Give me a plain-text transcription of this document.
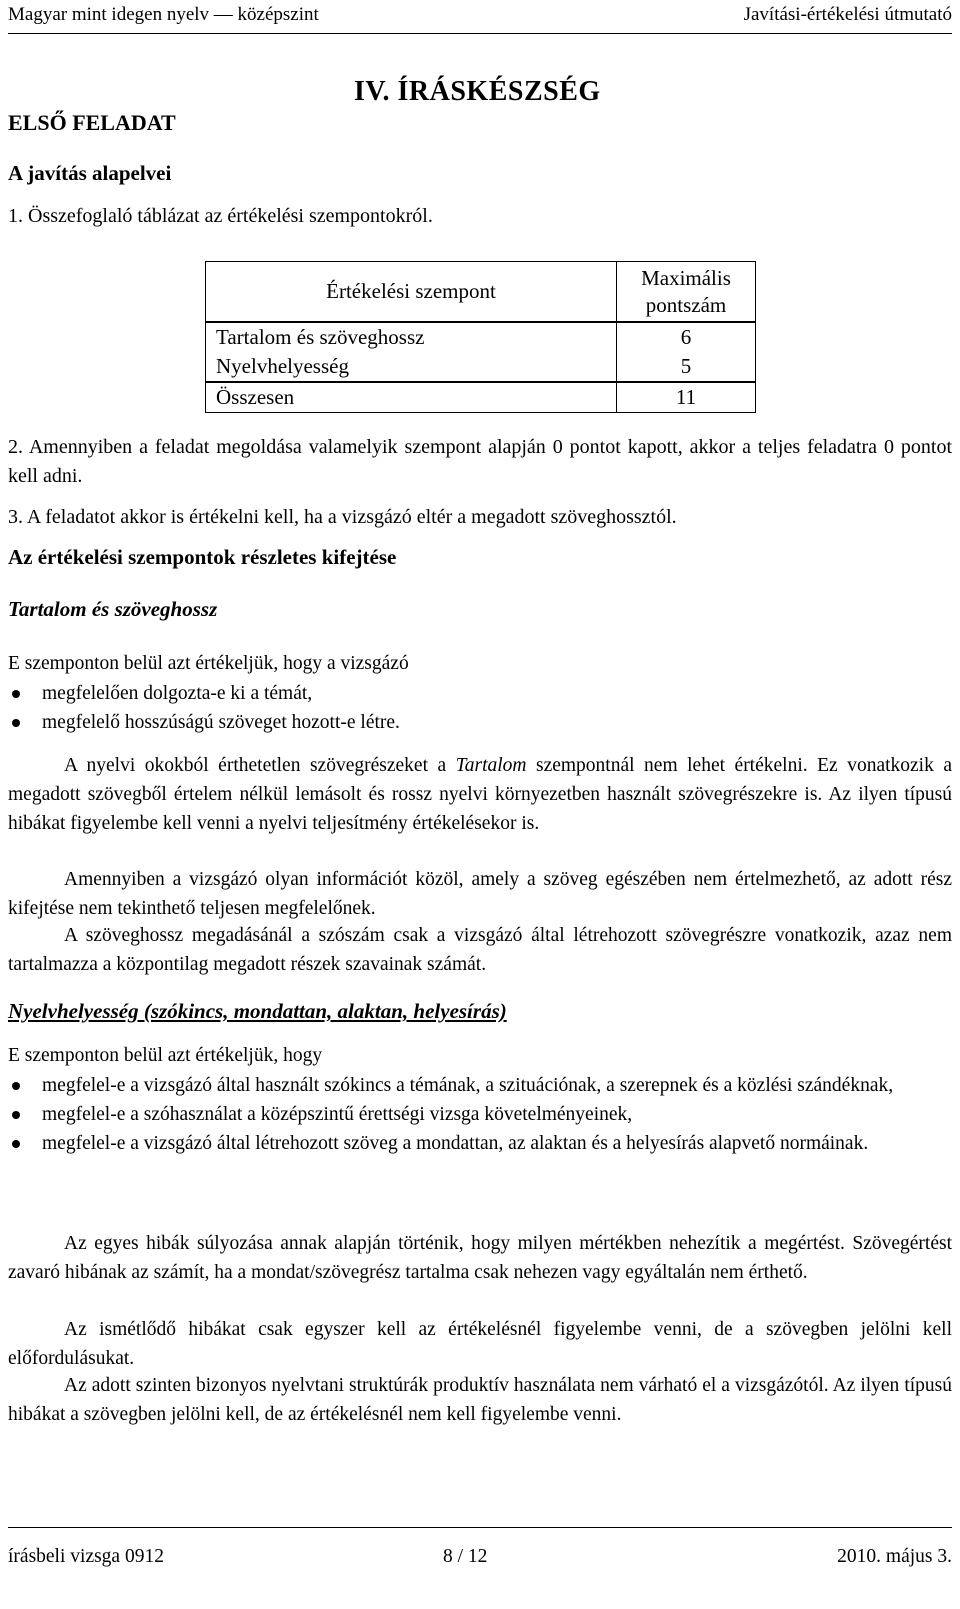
Magyar mint idegen nyelv — középszint	Javítási-értékelési útmutató
IV. ÍRÁSKÉSZSÉG
ELSŐ FELADAT
A javítás alapelvei
1. Összefoglaló táblázat az értékelési szempontokról.
Értékelési szempont	Maximális pontszám
Tartalom és szöveghossz	6
Nyelvhelyesség	5
Összesen	11
2. Amennyiben a feladat megoldása valamelyik szempont alapján 0 pontot kapott, akkor a teljes feladatra 0 pontot kell adni.
3. A feladatot akkor is értékelni kell, ha a vizsgázó eltér a megadott szöveghossztól.
Az értékelési szempontok részletes kifejtése
Tartalom és szöveghossz
E szemponton belül azt értékeljük, hogy a vizsgázó
megfelelően dolgozta-e ki a témát,
megfelelő hosszúságú szöveget hozott-e létre.
A nyelvi okokból érthetetlen szövegrészeket a Tartalom szempontnál nem lehet értékelni. Ez vonatkozik a megadott szövegből értelem nélkül lemásolt és rossz nyelvi környezetben használt szövegrészekre is. Az ilyen típusú hibákat figyelembe kell venni a nyelvi teljesítmény értékelésekor is.
Amennyiben a vizsgázó olyan információt közöl, amely a szöveg egészében nem értelmezhető, az adott rész kifejtése nem tekinthető teljesen megfelelőnek.
A szöveghossz megadásánál a szószám csak a vizsgázó által létrehozott szövegrészre vonatkozik, azaz nem tartalmazza a központilag megadott részek szavainak számát.
Nyelvhelyesség (szókincs, mondattan, alaktan, helyesírás)
E szemponton belül azt értékeljük, hogy
megfelel-e a vizsgázó által használt szókincs a témának, a szituációnak, a szerepnek és a közlési szándéknak,
megfelel-e a szóhasználat a középszintű érettségi vizsga követelményeinek,
megfelel-e a vizsgázó által létrehozott szöveg a mondattan, az alaktan és a helyesírás alapvető normáinak.
Az egyes hibák súlyozása annak alapján történik, hogy milyen mértékben nehezítik a megértést. Szövegértést zavaró hibának az számít, ha a mondat/szövegrész tartalma csak nehezen vagy egyáltalán nem érthető.
Az ismétlődő hibákat csak egyszer kell az értékelésnél figyelembe venni, de a szövegben jelölni kell előfordulásukat.
Az adott szinten bizonyos nyelvtani struktúrák produktív használata nem várható el a vizsgázótól. Az ilyen típusú hibákat a szövegben jelölni kell, de az értékelésnél nem kell figyelembe venni.
írásbeli vizsga 0912	8 / 12	2010. május 3.
